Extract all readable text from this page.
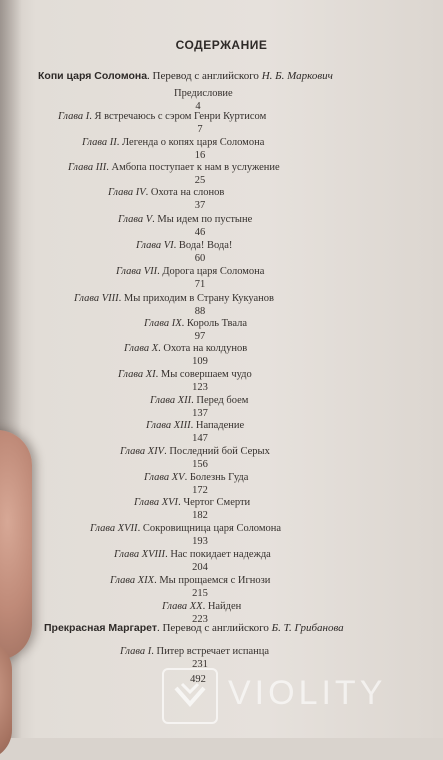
СОДЕРЖАНИЕ
Копи царя Соломона. Перевод с английского Н. Б. Маркович
Предисловие
4
Глава I. Я встречаюсь с сэром Генри Куртисом
7
Глава II. Легенда о копях царя Соломона
16
Глава III. Амбопа поступает к нам в услужение
25
Глава IV. Охота на слонов
37
Глава V. Мы идем по пустыне
46
Глава VI. Вода! Вода!
60
Глава VII. Дорога царя Соломона
71
Глава VIII. Мы приходим в Страну Кукуанов
88
Глава IX. Король Твала
97
Глава X. Охота на колдунов
109
Глава XI. Мы совершаем чудо
123
Глава XII. Перед боем
137
Глава XIII. Нападение
147
Глава XIV. Последний бой Серых
156
Глава XV. Болезнь Гуда
172
Глава XVI. Чертог Смерти
182
Глава XVII. Сокровищница царя Соломона
193
Глава XVIII. Нас покидает надежда
204
Глава XIX. Мы прощаемся с Игнози
215
Глава XX. Найден
223
Прекрасная Маргарет. Перевод с английского Б. Т. Грибанова
Глава I. Питер встречает испанца
231
492 VIOLITY
